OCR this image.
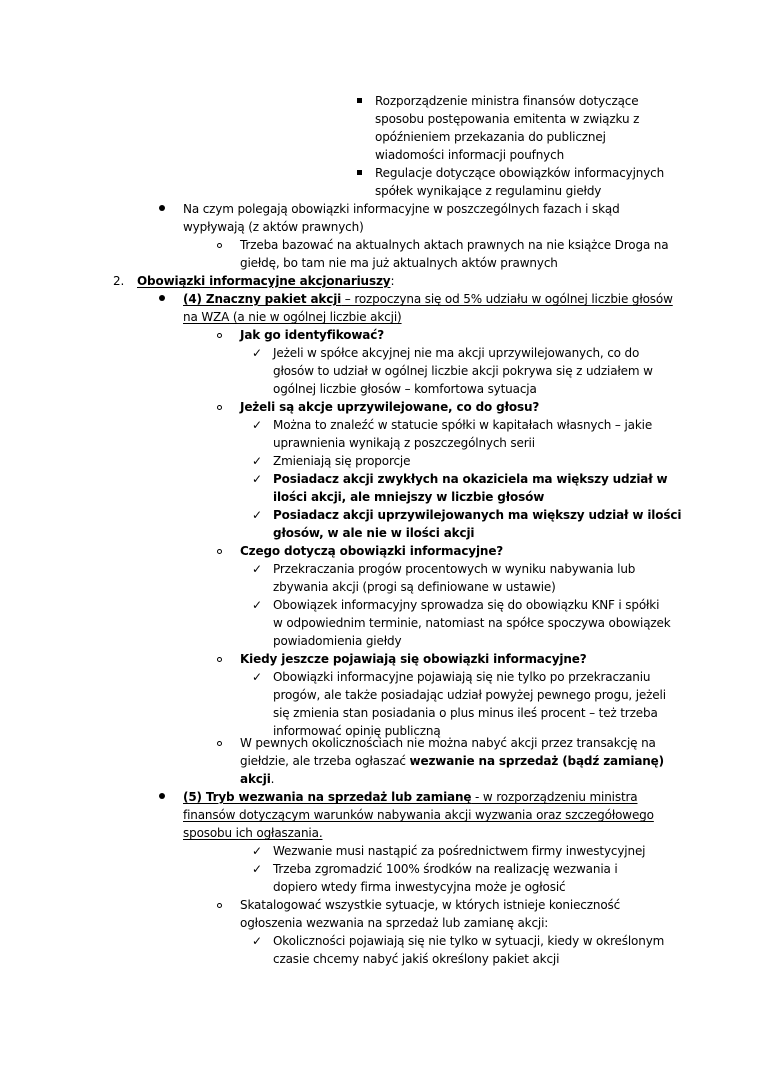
Rozporządzenie ministra finansów dotyczące
sposobu postępowania emitenta w związku z
opóźnieniem przekazania do publicznej
wiadomości informacji poufnych
Regulacje dotyczące obowiązków informacyjnych
spółek wynikające z regulaminu giełdy
Na czym polegają obowiązki informacyjne w poszczególnych fazach i skąd
wypływają (z aktów prawnych)
Trzeba bazować na aktualnych aktach prawnych na nie książce Droga na
giełdę, bo tam nie ma już aktualnych aktów prawnych
2. Obowiązki informacyjne akcjonariuszy:
(4) Znaczny pakiet akcji – rozpoczyna się od 5% udziału w ogólnej liczbie głosów
na WZA (a nie w ogólnej liczbie akcji)
Jak go identyfikować?
✓ Jeżeli w spółce akcyjnej nie ma akcji uprzywilejowanych, co do
głosów to udział w ogólnej liczbie akcji pokrywa się z udziałem w
ogólnej liczbie głosów – komfortowa sytuacja
Jeżeli są akcje uprzywilejowane, co do głosu?
✓ Można to znaleźć w statucie spółki w kapitałach własnych – jakie
uprawnienia wynikają z poszczególnych serii
✓ Zmieniają się proporcje
✓ Posiadacz akcji zwykłych na okaziciela ma większy udział w
ilości akcji, ale mniejszy w liczbie głosów
✓ Posiadacz akcji uprzywilejowanych ma większy udział w ilości
głosów, w ale nie w ilości akcji
Czego dotyczą obowiązki informacyjne?
✓ Przekraczania progów procentowych w wyniku nabywania lub
zbywania akcji (progi są definiowane w ustawie)
✓ Obowiązek informacyjny sprowadza się do obowiązku KNF i spółki
w odpowiednim terminie, natomiast na spółce spoczywa obowiązek
powiadomienia giełdy
Kiedy jeszcze pojawiają się obowiązki informacyjne?
✓ Obowiązki informacyjne pojawiają się nie tylko po przekraczaniu
progów, ale także posiadając udział powyżej pewnego progu, jeżeli
się zmienia stan posiadania o plus minus ileś procent – też trzeba
informować opinię publiczną
W pewnych okolicznościach nie można nabyć akcji przez transakcję na
giełdzie, ale trzeba ogłaszać wezwanie na sprzedaż (bądź zamianę)
akcji.
(5) Tryb wezwania na sprzedaż lub zamianę - w rozporządzeniu ministra
finansów dotyczącym warunków nabywania akcji wyzwania oraz szczegółowego
sposobu ich ogłaszania.
✓ Wezwanie musi nastąpić za pośrednictwem firmy inwestycyjnej
✓ Trzeba zgromadzić 100% środków na realizację wezwania i
dopiero wtedy firma inwestycyjna może je ogłosić
Skatalogować wszystkie sytuacje, w których istnieje konieczność
ogłoszenia wezwania na sprzedaż lub zamianę akcji:
✓ Okoliczności pojawiają się nie tylko w sytuacji, kiedy w określonym
czasie chcemy nabyć jakiś określony pakiet akcji
